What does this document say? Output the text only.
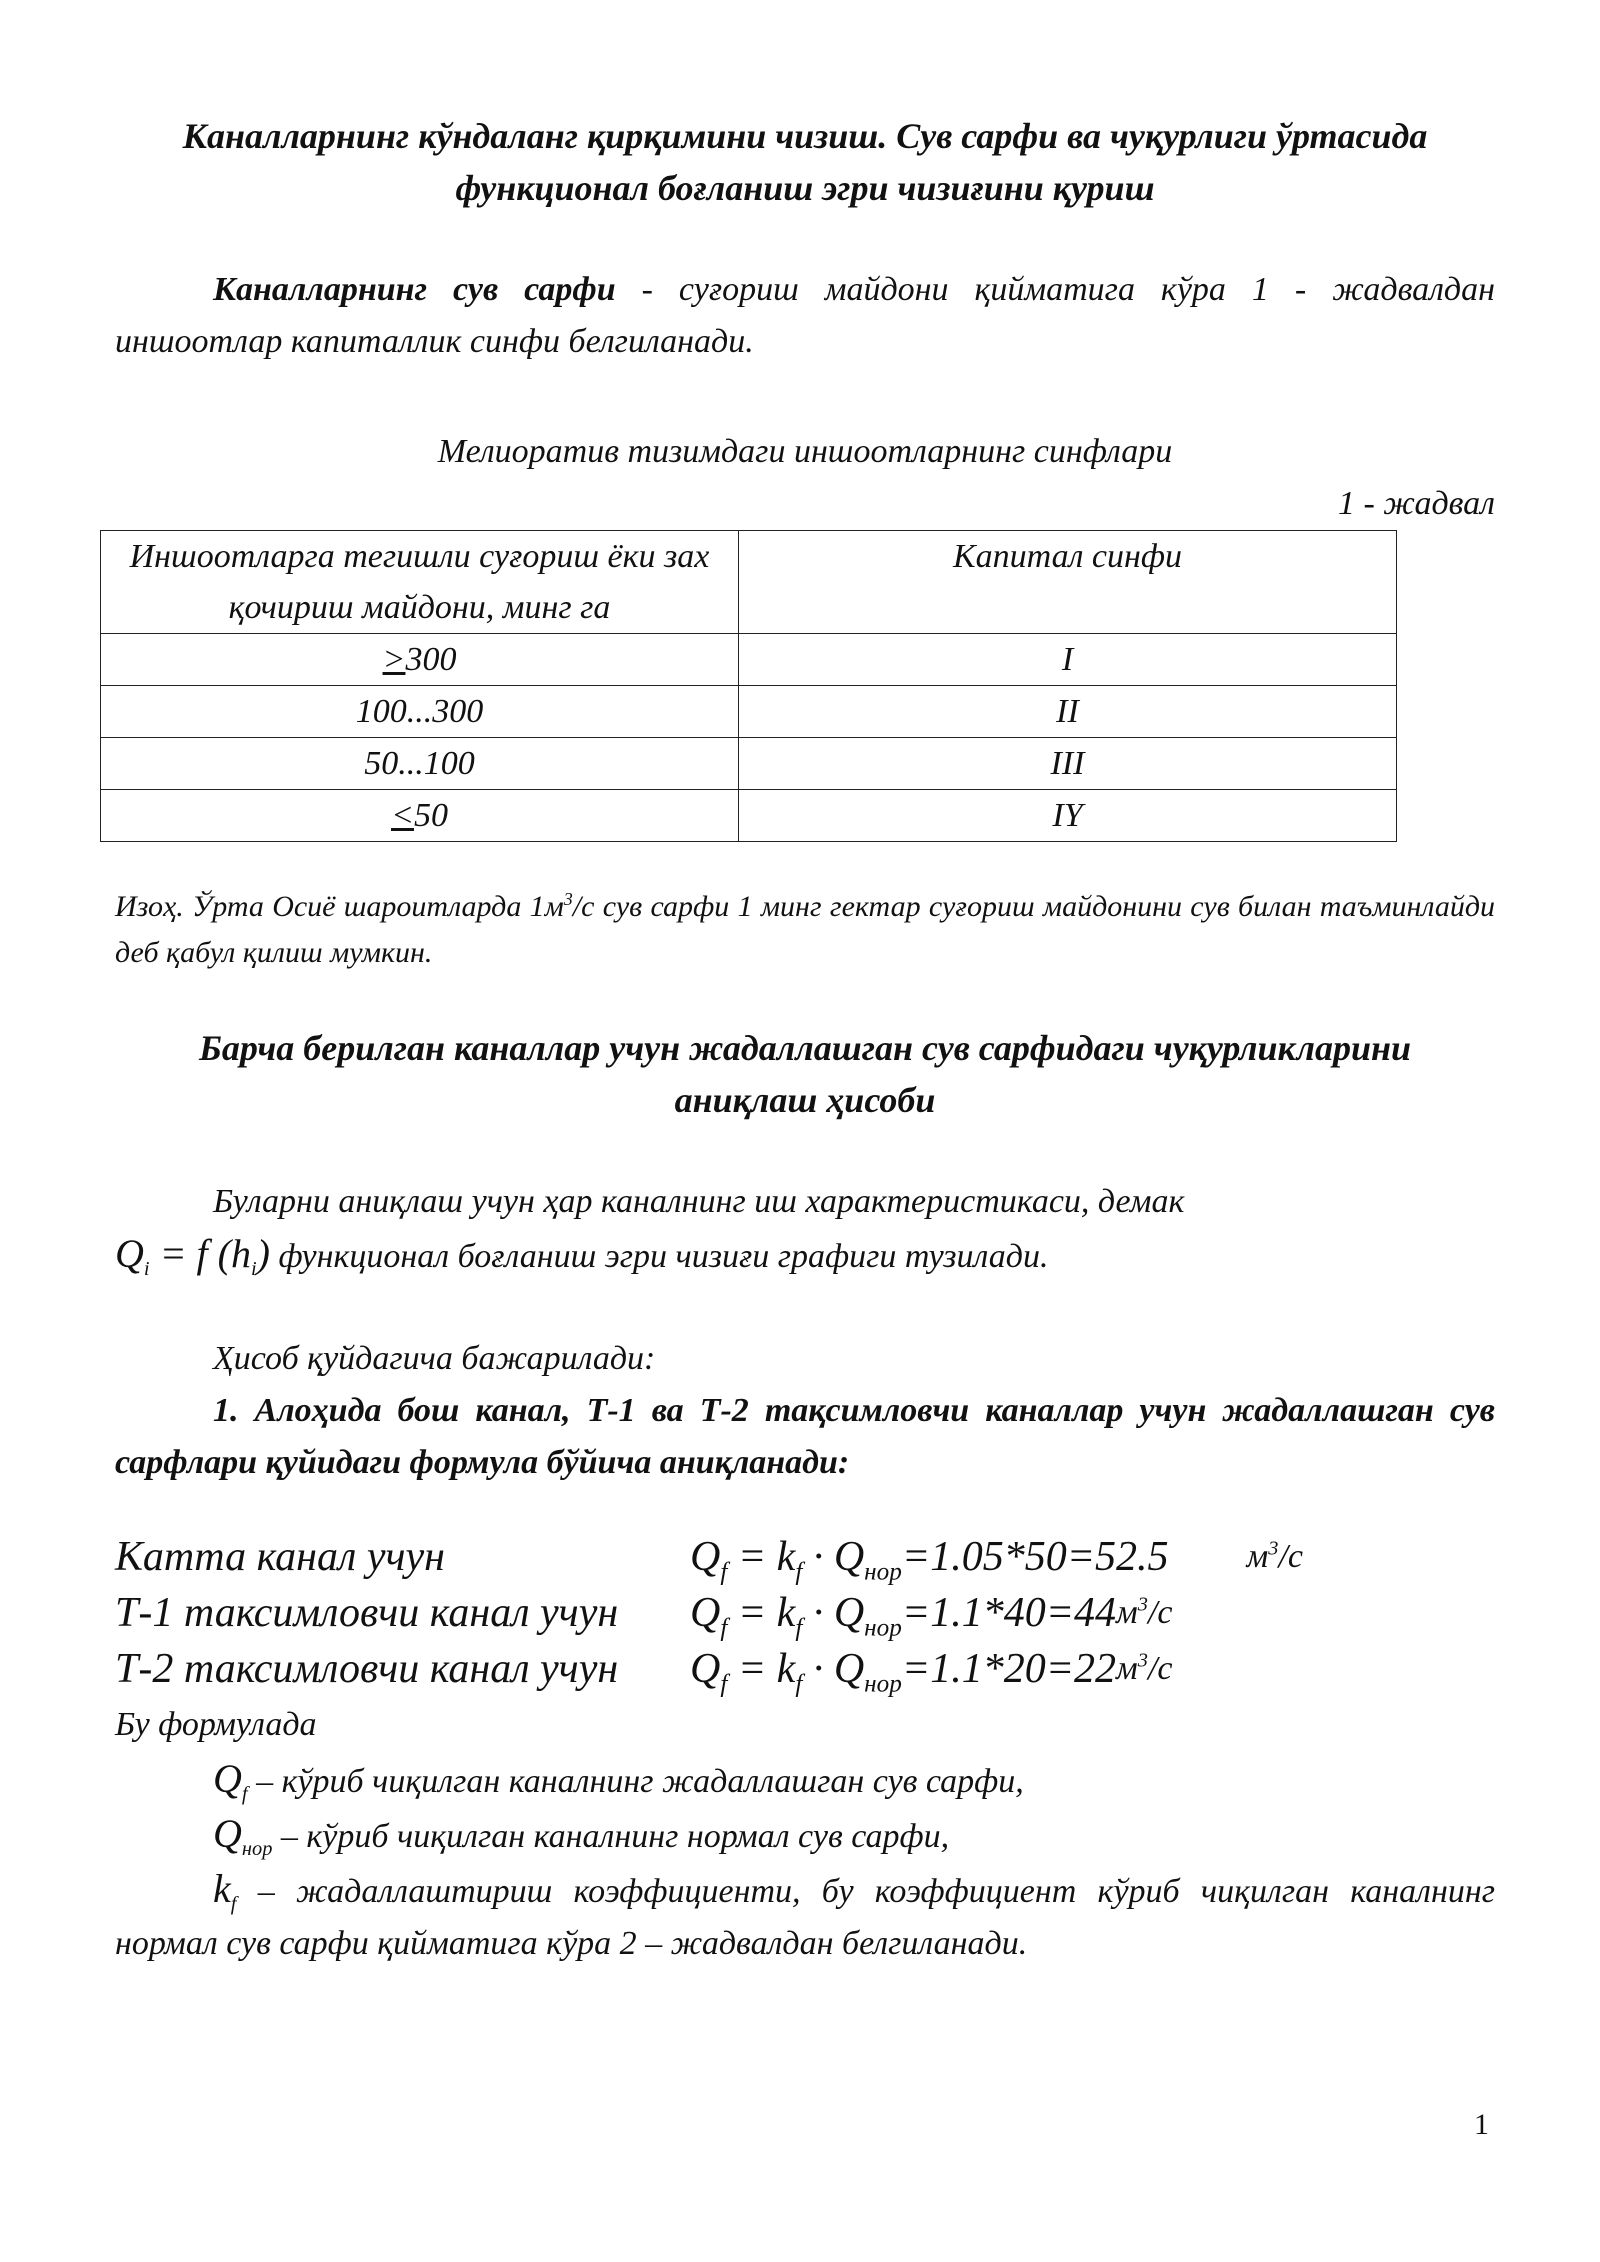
Каналларнинг кўндаланг қирқимини чизиш. Сув сарфи ва чуқурлиги ўртасида

функционал боғланиш эгри чизиғини қуриш

Каналларнинг сув сарфи - суғориш майдони қийматига кўра 1 - жадвалдан иншоотлар капиталлик синфи белгиланади.

Мелиоратив тизимдаги иншоотларнинг синфлари

1 - жадвал

Иншоотларга тегишли суғориш ёки зах қочириш майдони, минг га	Капитал синфи
>300	I
100...300	II
50...100	III
<50	IY

Изоҳ. Ўрта Осиё шароитларда $1м^3/с$ сув сарфи 1 минг гектар суғориш майдонини сув билан таъминлайди деб қабул қилиш мумкин.

Барча берилган каналлар учун жадаллашган сув сарфидаги чуқурликларини

аниқлаш ҳисоби

Буларни аниқлаш учун ҳар каналнинг иш характеристикаси, демак

$Q_i = f$ $(h_i)$ функционал боғланиш эгри чизиғи графиги тузилади.

Ҳисоб қуйдагича бажарилади:

1. Алоҳида бош канал, Т-1 ва Т-2 тақсимловчи каналлар учун жадаллашган сув сарфлари қуйидаги формула бўйича аниқланади:

Катта канал учун	$Q_f = k_f \cdot Q_{нор}=1.05*50=52.5$ $м^3/с$
Т-1 таксимловчи канал учун	$Q_f = k_f \cdot Q_{нор}=1.1*40=44$ $м^3/с$
Т-2 таксимловчи канал учун	$Q_f = k_f \cdot Q_{нор}=1.1*20=22$ $м^3/с$

Бу формулада

$Q_f$ – кўриб чиқилган каналнинг жадаллашган сув сарфи,

$Q_{нор}$ – кўриб чиқилган каналнинг нормал сув сарфи,

$k_f$ – жадаллаштириш коэффициенти, бу коэффициент кўриб чиқилган каналнинг нормал сув сарфи қийматига кўра 2 – жадвалдан белгиланади.

1
